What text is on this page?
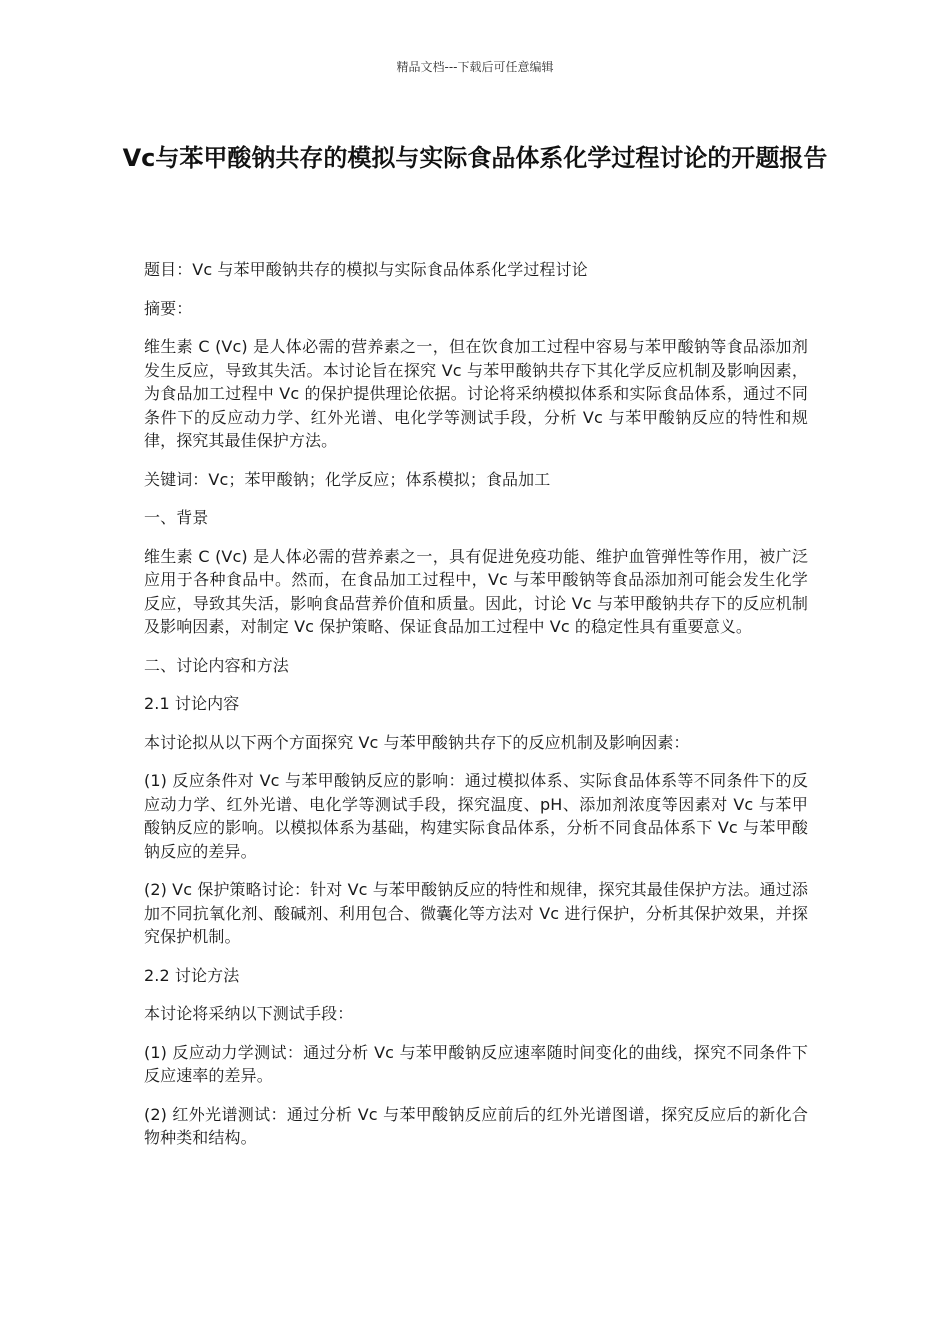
精品文档---下载后可任意编辑
Vc与苯甲酸钠共存的模拟与实际食品体系化学过程讨论的开题报告

题目：Vc 与苯甲酸钠共存的模拟与实际食品体系化学过程讨论

摘要：

维生素 C (Vc) 是人体必需的营养素之一，但在饮食加工过程中容易与苯甲酸钠等食品添加剂发生反应，导致其失活。本讨论旨在探究 Vc 与苯甲酸钠共存下其化学反应机制及影响因素，为食品加工过程中 Vc 的保护提供理论依据。讨论将采纳模拟体系和实际食品体系，通过不同条件下的反应动力学、红外光谱、电化学等测试手段，分析 Vc 与苯甲酸钠反应的特性和规律，探究其最佳保护方法。

关键词：Vc；苯甲酸钠；化学反应；体系模拟；食品加工

一、背景

维生素 C (Vc) 是人体必需的营养素之一，具有促进免疫功能、维护血管弹性等作用，被广泛应用于各种食品中。然而，在食品加工过程中，Vc 与苯甲酸钠等食品添加剂可能会发生化学反应，导致其失活，影响食品营养价值和质量。因此，讨论 Vc 与苯甲酸钠共存下的反应机制及影响因素，对制定 Vc 保护策略、保证食品加工过程中 Vc 的稳定性具有重要意义。

二、讨论内容和方法

2.1 讨论内容

本讨论拟从以下两个方面探究 Vc 与苯甲酸钠共存下的反应机制及影响因素：

(1) 反应条件对 Vc 与苯甲酸钠反应的影响：通过模拟体系、实际食品体系等不同条件下的反应动力学、红外光谱、电化学等测试手段，探究温度、pH、添加剂浓度等因素对 Vc 与苯甲酸钠反应的影响。以模拟体系为基础，构建实际食品体系，分析不同食品体系下 Vc 与苯甲酸钠反应的差异。

(2) Vc 保护策略讨论：针对 Vc 与苯甲酸钠反应的特性和规律，探究其最佳保护方法。通过添加不同抗氧化剂、酸碱剂、利用包合、微囊化等方法对 Vc 进行保护，分析其保护效果，并探究保护机制。

2.2 讨论方法

本讨论将采纳以下测试手段：

(1) 反应动力学测试：通过分析 Vc 与苯甲酸钠反应速率随时间变化的曲线，探究不同条件下反应速率的差异。

(2) 红外光谱测试：通过分析 Vc 与苯甲酸钠反应前后的红外光谱图谱，探究反应后的新化合物种类和结构。
